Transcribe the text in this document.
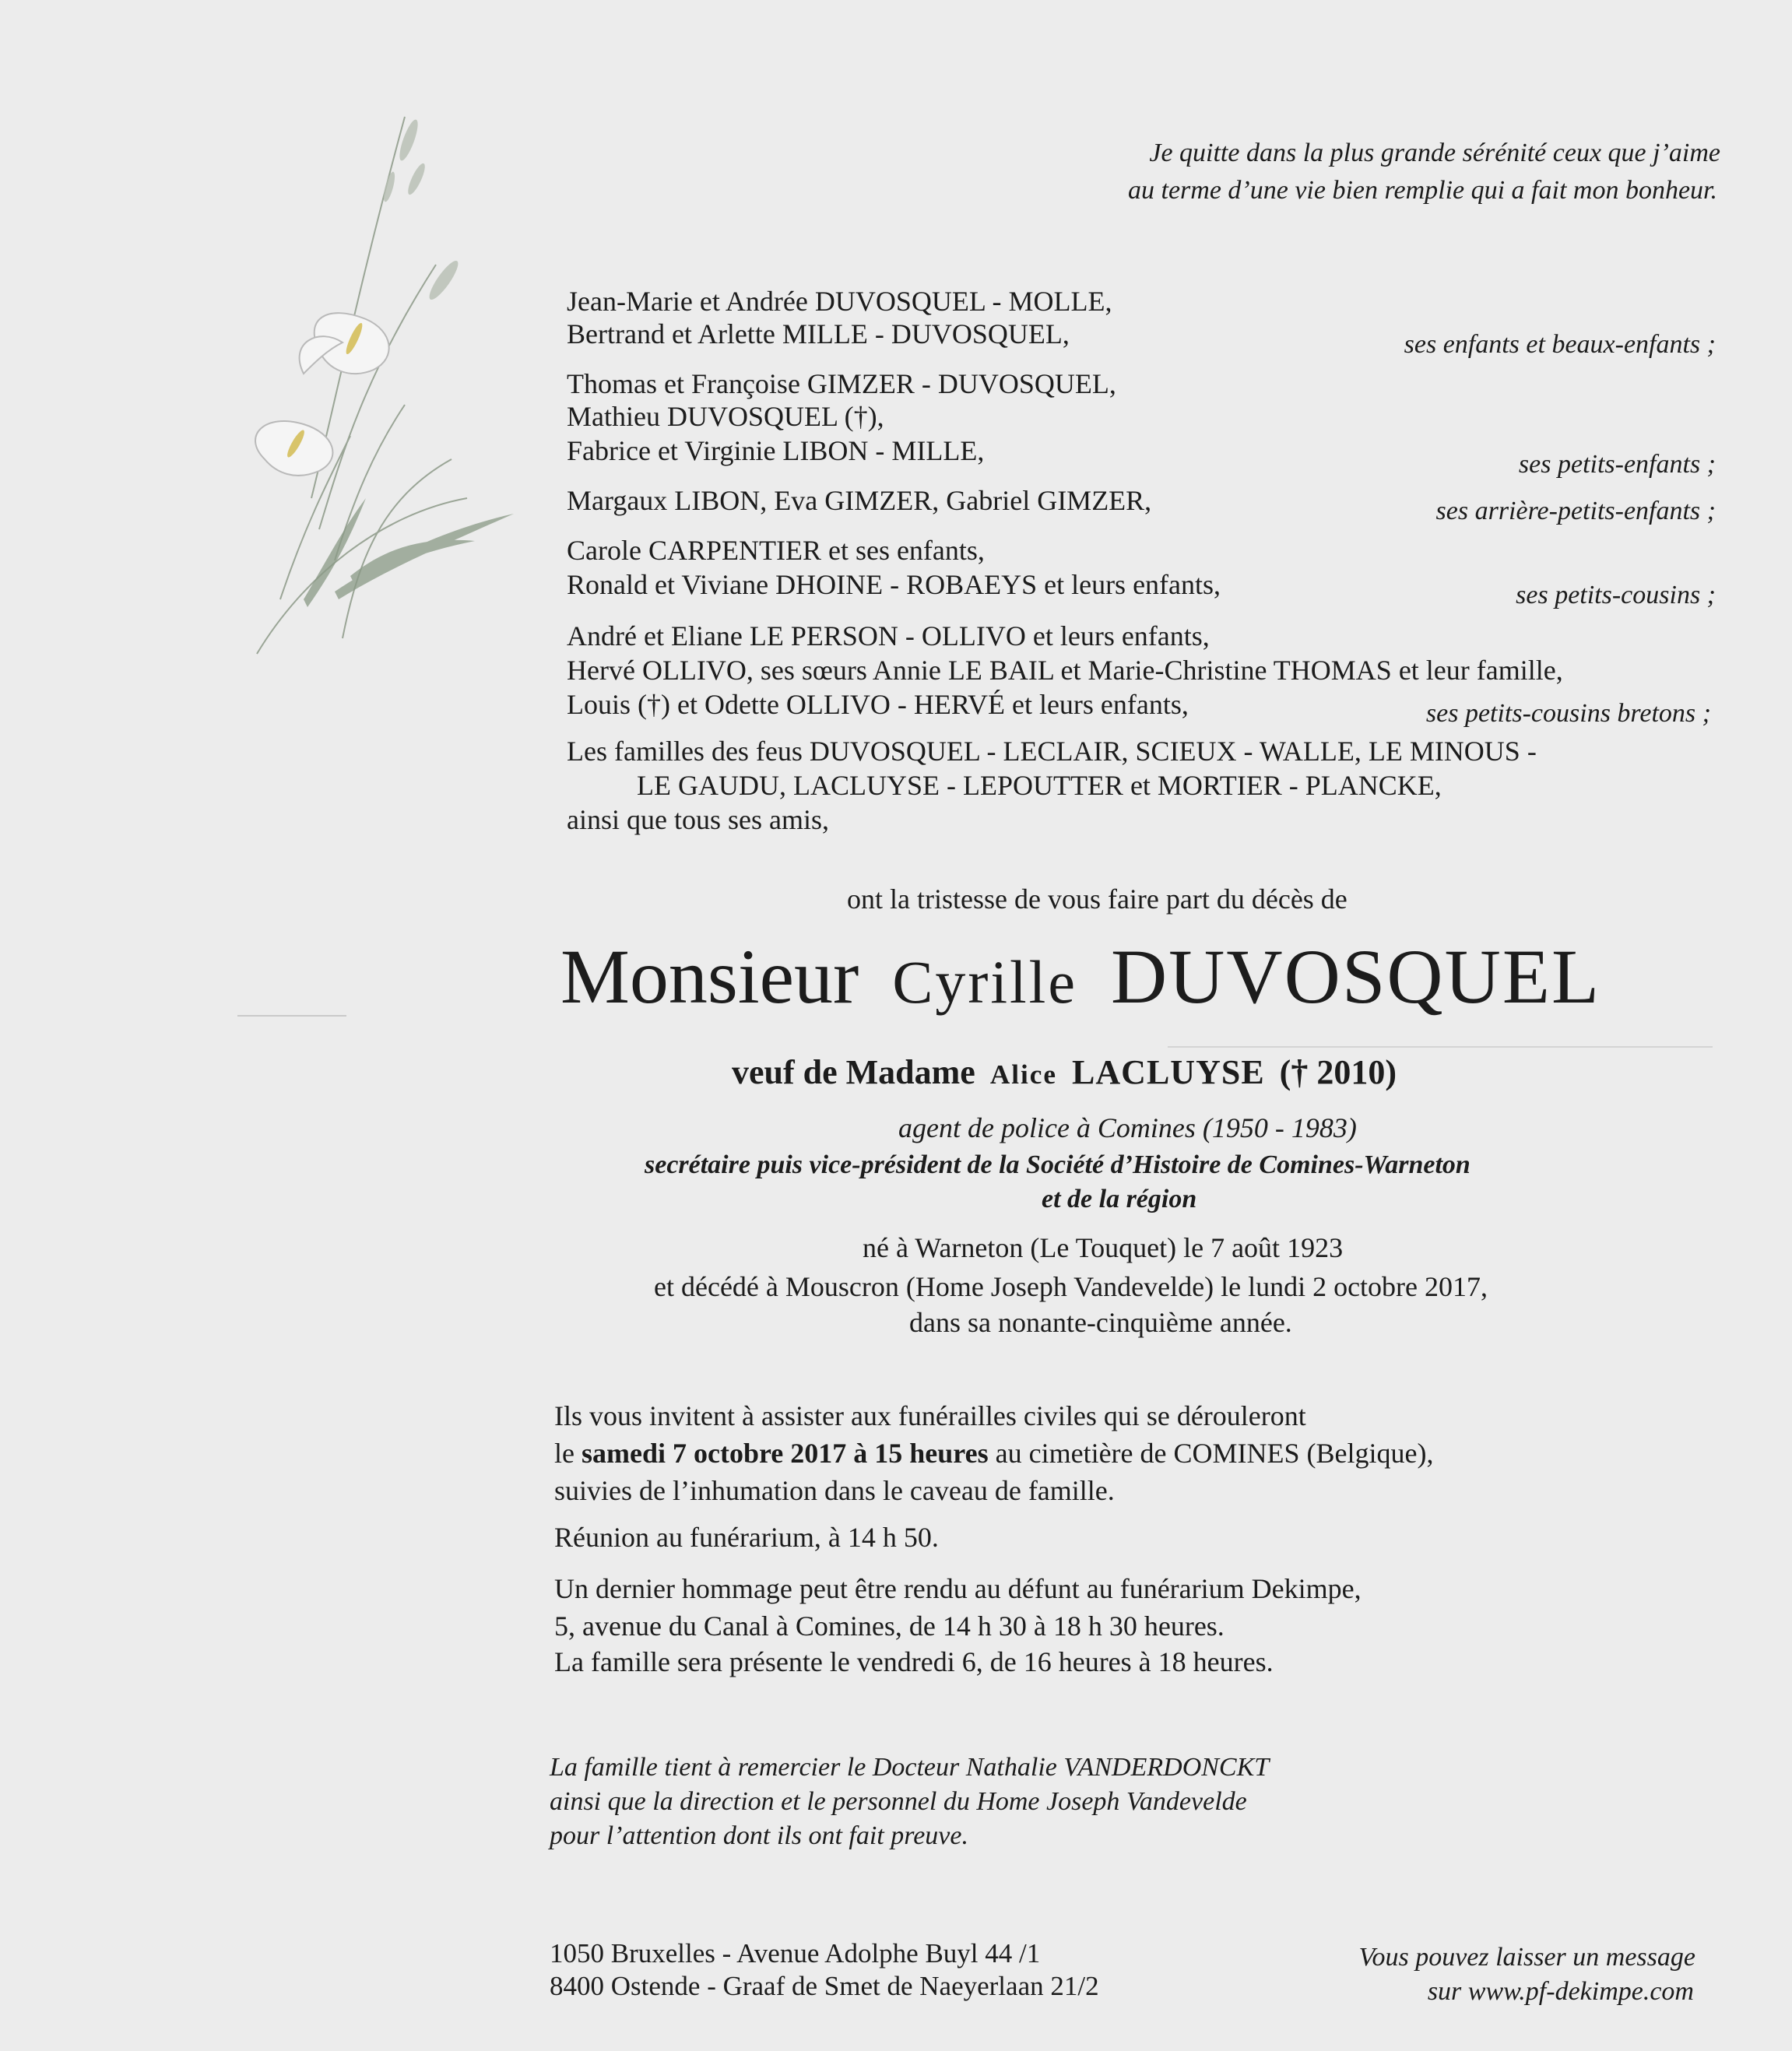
Je quitte dans la plus grande sérénité ceux que j’aime
au terme d’une vie bien remplie qui a fait mon bonheur.
Jean-Marie et Andrée DUVOSQUEL - MOLLE,
Bertrand et Arlette MILLE - DUVOSQUEL,	ses enfants et beaux-enfants ;
Thomas et Françoise GIMZER - DUVOSQUEL,
Mathieu DUVOSQUEL (†),
Fabrice et Virginie LIBON - MILLE,	ses petits-enfants ;
Margaux LIBON, Eva GIMZER, Gabriel GIMZER,	ses arrière-petits-enfants ;
Carole CARPENTIER et ses enfants,
Ronald et Viviane DHOINE - ROBAEYS et leurs enfants,	ses petits-cousins ;
André et Eliane LE PERSON - OLLIVO et leurs enfants,
Hervé OLLIVO, ses sœurs Annie LE BAIL et Marie-Christine THOMAS et leur famille,
Louis (†) et Odette OLLIVO - HERVÉ et leurs enfants,	ses petits-cousins bretons ;
Les familles des feus DUVOSQUEL - LECLAIR, SCIEUX - WALLE, LE MINOUS -
LE GAUDU, LACLUYSE - LEPOUTTER et MORTIER - PLANCKE,
ainsi que tous ses amis,
ont la tristesse de vous faire part du décès de
Monsieur Cyrille DUVOSQUEL
veuf de Madame Alice LACLUYSE († 2010)
agent de police à Comines (1950 - 1983)
secrétaire puis vice-président de la Société d’Histoire de Comines-Warneton
et de la région
né à Warneton (Le Touquet) le 7 août 1923
et décédé à Mouscron (Home Joseph Vandevelde) le lundi 2 octobre 2017,
dans sa nonante-cinquième année.
Ils vous invitent à assister aux funérailles civiles qui se dérouleront
le samedi 7 octobre 2017 à 15 heures au cimetière de COMINES (Belgique),
suivies de l’inhumation dans le caveau de famille.
Réunion au funérarium, à 14 h 50.
Un dernier hommage peut être rendu au défunt au funérarium Dekimpe,
5, avenue du Canal à Comines, de 14 h 30 à 18 h 30 heures.
La famille sera présente le vendredi 6, de 16 heures à 18 heures.
La famille tient à remercier le Docteur Nathalie VANDERDONCKT
ainsi que la direction et le personnel du Home Joseph Vandevelde
pour l’attention dont ils ont fait preuve.
1050 Bruxelles - Avenue Adolphe Buyl 44 /1
8400 Ostende - Graaf de Smet de Naeyerlaan 21/2
Vous pouvez laisser un message
sur www.pf-dekimpe.com
